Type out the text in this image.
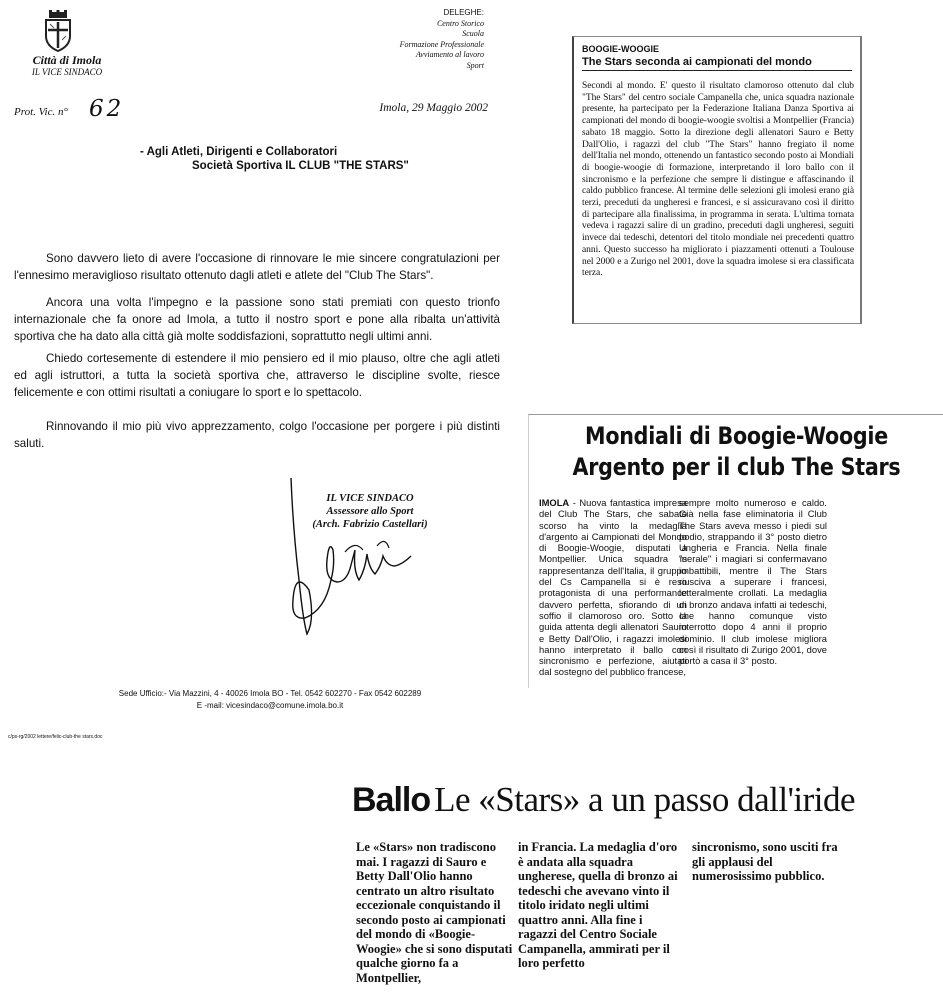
Città di Imola
IL VICE SINDACO
DELEGHE:
Centro Storico
Scuola
Formazione Professionale
Avviamento al lavoro
Sport
Prot. Vic. n° 62	Imola, 29 Maggio 2002
- Agli Atleti, Dirigenti e Collaboratori
Società Sportiva IL CLUB "THE STARS"
Sono davvero lieto di avere l'occasione di rinnovare le mie sincere congratulazioni per l'ennesimo meraviglioso risultato ottenuto dagli atleti e atlete del "Club The Stars".
Ancora una volta l'impegno e la passione sono stati premiati con questo trionfo internazionale che fa onore ad Imola, a tutto il nostro sport e pone alla ribalta un'attività sportiva che ha dato alla città già molte soddisfazioni, soprattutto negli ultimi anni.
Chiedo cortesemente di estendere il mio pensiero ed il mio plauso, oltre che agli atleti ed agli istruttori, a tutta la società sportiva che, attraverso le discipline svolte, riesce felicemente e con ottimi risultati a coniugare lo sport e lo spettacolo.
Rinnovando il mio più vivo apprezzamento, colgo l'occasione per porgere i più distinti saluti.
IL VICE SINDACO
Assessore allo Sport
(Arch. Fabrizio Castellari)
Sede Ufficio:- Via Mazzini, 4 - 40026 Imola BO - Tel. 0542 602270 - Fax 0542 602289
E -mail: vicesindaco@comune.imola.bo.it
c/ps-rg/2002 lettere/felic-club-the stars.doc
BOOGIE-WOOGIE
The Stars seconda ai campionati del mondo
Secondi al mondo. E' questo il risultato clamoroso ottenuto dal club "The Stars" del centro sociale Campanella che, unica squadra nazionale presente, ha partecipato per la Federazione Italiana Danza Sportiva ai campionati del mondo di boogie-woogie svoltisi a Montpellier (Francia) sabato 18 maggio. Sotto la direzione degli allenatori Sauro e Betty Dall'Olio, i ragazzi del club "The Stars" hanno fregiato il nome dell'Italia nel mondo, ottenendo un fantastico secondo posto ai Mondiali di boogie-woogie di formazione, interpretando il loro ballo con il sincronismo e la perfezione che sempre li distingue e affascinando il caldo pubblico francese. Al termine delle selezioni gli imolesi erano già terzi, preceduti da ungheresi e francesi, e si assicuravano così il diritto di partecipare alla finalissima, in programma in serata. L'ultima tornata vedeva i ragazzi salire di un gradino, preceduti dagli ungheresi, seguiti invece dai tedeschi, detentori del titolo mondiale nei precedenti quattro anni. Questo successo ha migliorato i piazzamenti ottenuti a Toulouse nel 2000 e a Zurigo nel 2001, dove la squadra imolese si era classificata terza.
Mondiali di Boogie-Woogie
Argento per il club The Stars
IMOLA - Nuova fantastica impresa del Club The Stars, che sabato scorso ha vinto la medaglia d'argento ai Campionati del Mondo di Boogie-Woogie, disputati a Montpellier. Unica squadra in rappresentanza dell'Italia, il gruppo del Cs Campanella si è reso protagonista di una performance davvero perfetta, sfiorando di un soffio il clamoroso oro. Sotto la guida attenta degli allenatori Sauro e Betty Dall'Olio, i ragazzi imolesi hanno interpretato il ballo con sincronismo e perfezione, aiutati dal sostegno del pubblico francese,
sempre molto numeroso e caldo. Già nella fase eliminatoria il Club The Stars aveva messo i piedi sul podio, strappando il 3° posto dietro Ungheria e Francia. Nella finale "serale" i magiari si confermavano imbattibili, mentre il The Stars riusciva a superare i francesi, letteralmente crollati. La medaglia di bronzo andava infatti ai tedeschi, che hanno comunque visto interrotto dopo 4 anni il proprio dominio. Il club imolese migliora così il risultato di Zurigo 2001, dove portò a casa il 3° posto.
Ballo Le «Stars» a un passo dall'iride
Le «Stars» non tradiscono mai. I ragazzi di Sauro e Betty Dall'Olio hanno centrato un altro risultato eccezionale conquistando il secondo posto ai campionati del mondo di «Boogie-Woogie» che si sono disputati qualche giorno fa a Montpellier,
in Francia. La medaglia d'oro è andata alla squadra ungherese, quella di bronzo ai tedeschi che avevano vinto il titolo iridato negli ultimi quattro anni. Alla fine i ragazzi del Centro Sociale Campanella, ammirati per il loro perfetto
sincronismo, sono usciti fra gli applausi del numerosissimo pubblico.
